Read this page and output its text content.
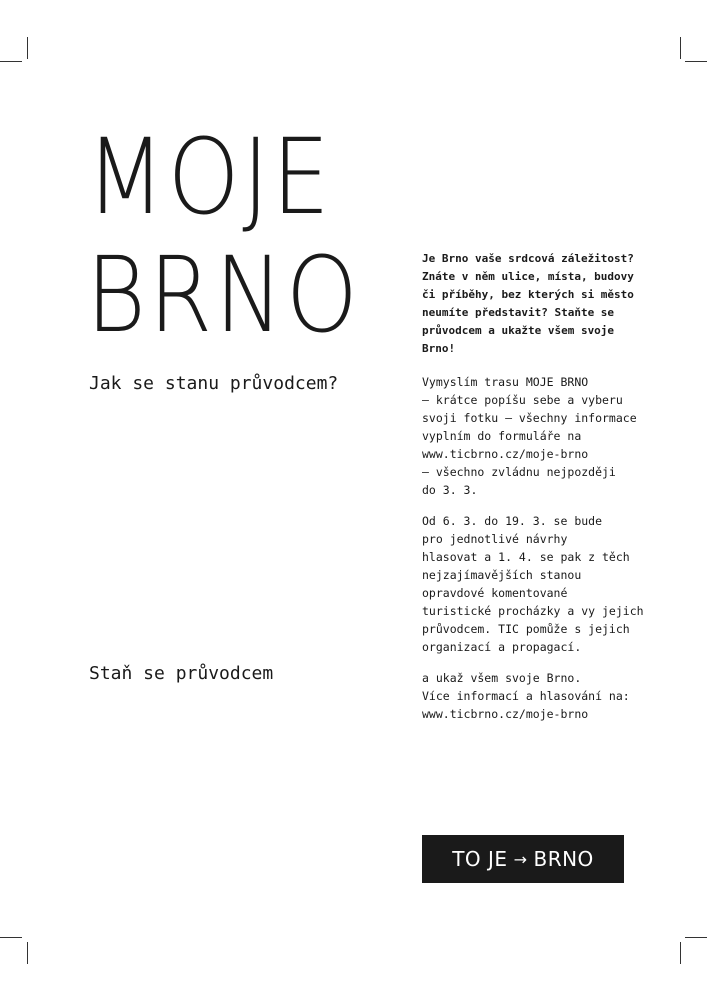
MOJE
BRNO
Jak se stanu průvodcem?
Staň se průvodcem

Je Brno vaše srdcová záležitost?
Znáte v něm ulice, místa, budovy
či příběhy, bez kterých si město
neumíte představit? Staňte se
průvodcem a ukažte všem svoje
Brno!

Vymyslím trasu MOJE BRNO
– krátce popíšu sebe a vyberu
svoji fotku – všechny informace
vyplním do formuláře na
www.ticbrno.cz/moje-brno
– všechno zvládnu nejpozději
do 3. 3.

Od 6. 3. do 19. 3. se bude
pro jednotlivé návrhy
hlasovat a 1. 4. se pak z těch
nejzajímavějších stanou
opravdové komentované
turistické procházky a vy jejich
průvodcem. TIC pomůže s jejich
organizací a propagací.

a ukaž všem svoje Brno.
Více informací a hlasování na:
www.ticbrno.cz/moje-brno

TO JE → BRNO
